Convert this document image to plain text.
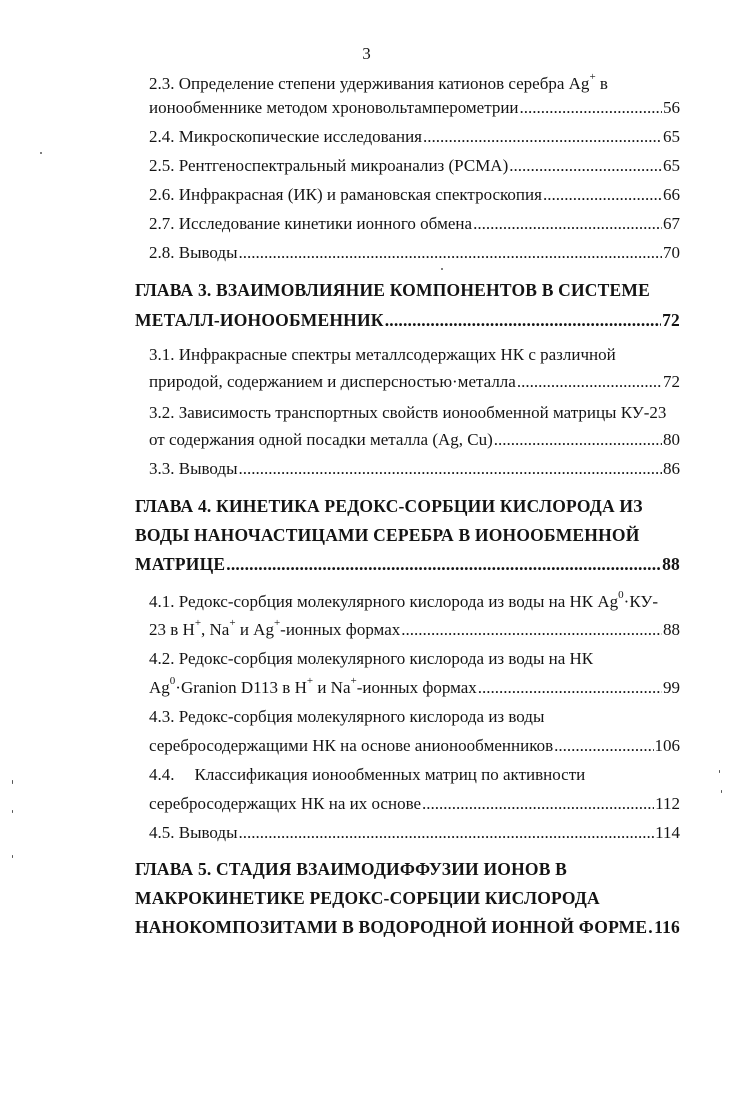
3
2.3. Определение степени удерживания катионов серебра Ag+ в
ионообменнике методом хроновольтамперометрии .....	56
2.4. Микроскопические исследования .....	65
2.5. Рентгеноспектральный микроанализ (РСМА) .....	65
2.6. Инфракрасная (ИК) и рамановская спектроскопия .....	66
2.7. Исследование кинетики ионного обмена .....	67
2.8. Выводы .....	70
ГЛАВА 3. ВЗАИМОВЛИЯНИЕ КОМПОНЕНТОВ В СИСТЕМЕ
МЕТАЛЛ-ИОНООБМЕННИК .....	72
3.1. Инфракрасные спектры металлсодержащих НК с различной
природой, содержанием и дисперсностью·металла .....	72
3.2. Зависимость транспортных свойств ионообменной матрицы КУ-23
от содержания одной посадки металла (Ag, Cu) .....	80
3.3. Выводы .....	86
ГЛАВА 4. КИНЕТИКА РЕДОКС-СОРБЦИИ КИСЛОРОДА ИЗ
ВОДЫ НАНОЧАСТИЦАМИ СЕРЕБРА В ИОНООБМЕННОЙ
МАТРИЦЕ .....	88
4.1. Редокс-сорбция молекулярного кислорода из воды на НК $Ag^0\cdot КУ-$
23 в H+, Na+ и Ag+-ионных формах .....	88
4.2. Редокс-сорбция молекулярного кислорода из воды на НК
$Ag^0\cdot Granion$ D113 в H+ и Na+-ионных формах .....	99
4.3. Редокс-сорбция молекулярного кислорода из воды
серебросодержащими НК на основе анионообменников .....	106
4.4. Классификация ионообменных матриц по активности
серебросодержащих НК на их основе .....	112
4.5. Выводы .....	114
ГЛАВА 5. СТАДИЯ ВЗАИМОДИФФУЗИИ ИОНОВ В
МАКРОКИНЕТИКЕ РЕДОКС-СОРБЦИИ КИСЛОРОДА
НАНОКОМПОЗИТАМИ В ВОДОРОДНОЙ ИОННОЙ ФОРМЕ ..... 116
